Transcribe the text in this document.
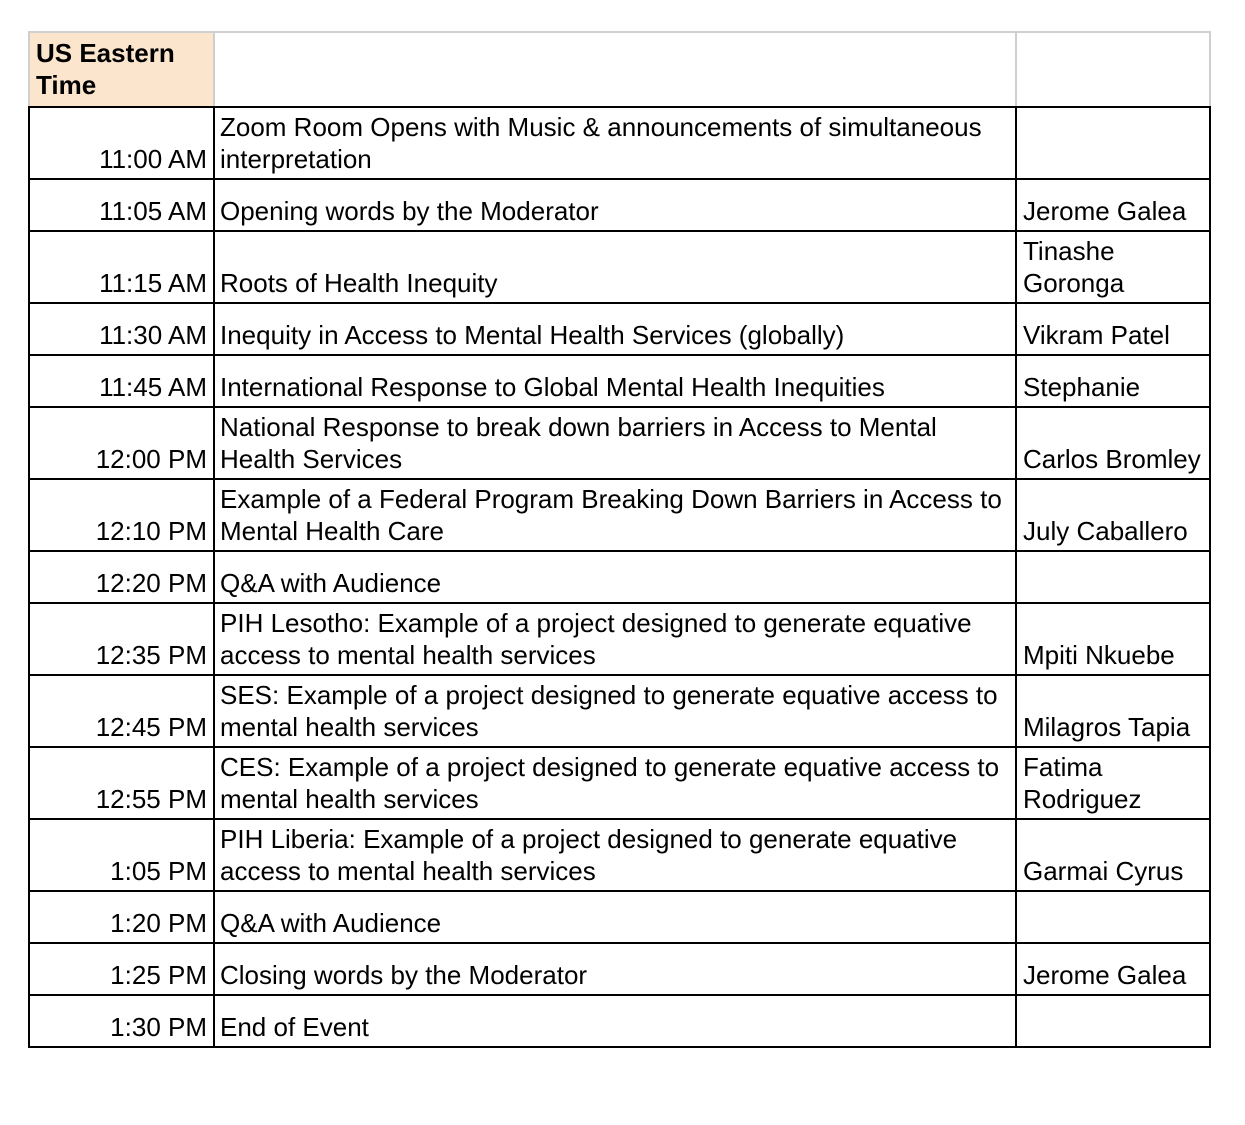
US Eastern Time		
11:00 AM	Zoom Room Opens with Music & announcements of simultaneous interpretation	
11:05 AM	Opening words by the Moderator	Jerome Galea
11:15 AM	Roots of Health Inequity	Tinashe Goronga
11:30 AM	Inequity in Access to Mental Health Services (globally)	Vikram Patel
11:45 AM	International Response to Global Mental Health Inequities	Stephanie
12:00 PM	National Response to break down barriers in Access to Mental Health Services	Carlos Bromley
12:10 PM	Example of a Federal Program Breaking Down Barriers in Access to Mental Health Care	July Caballero
12:20 PM	Q&A with Audience	
12:35 PM	PIH Lesotho: Example of a project designed to generate equative access to mental health services	Mpiti Nkuebe
12:45 PM	SES: Example of a project designed to generate equative access to mental health services	Milagros Tapia
12:55 PM	CES: Example of a project designed to generate equative access to mental health services	Fatima Rodriguez
1:05 PM	PIH Liberia: Example of a project designed to generate equative access to mental health services	Garmai Cyrus
1:20 PM	Q&A with Audience	
1:25 PM	Closing words by the Moderator	Jerome Galea
1:30 PM	End of Event	
